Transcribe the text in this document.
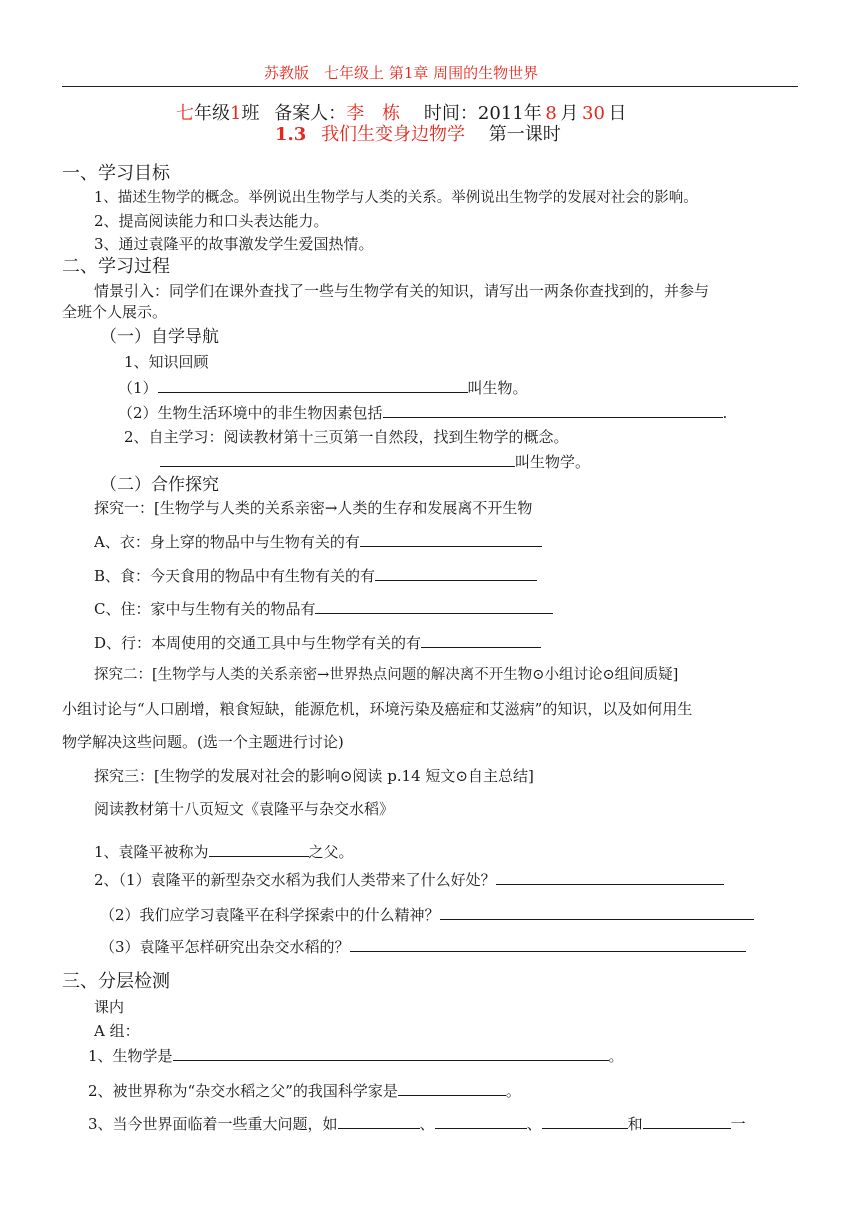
苏教版  七年级上 第1章 周围的生物世界
七年级1班  备案人：李　栋  时间：2011年  8  月  30  日
1.3  我们生变身边物学  第一课时
一、学习目标
1、描述生物学的概念。举例说出生物学与人类的关系。举例说出生物学的发展对社会的影响。
2、提高阅读能力和口头表达能力。
3、通过袁隆平的故事激发学生爱国热情。
二、学习过程
情景引入：同学们在课外查找了一些与生物学有关的知识，请写出一两条你查找到的，并参与
全班个人展示。
（一）自学导航
1、知识回顾
（1）	叫生物。
（2）生物生活环境中的非生物因素包括	.
2、自主学习：阅读教材第十三页第一自然段，找到生物学的概念。
叫生物学。
（二）合作探究
探究一：[生物学与人类的关系亲密→人类的生存和发展离不开生物
A、衣：身上穿的物品中与生物有关的有
B、食：今天食用的物品中有生物有关的有
C、住：家中与生物有关的物品有
D、行：本周使用的交通工具中与生物学有关的有
探究二：[生物学与人类的关系亲密→世界热点问题的解决离不开生物⊙小组讨论⊙组间质疑]
小组讨论与“人口剧增，粮食短缺，能源危机，环境污染及癌症和艾滋病”的知识，以及如何用生
物学解决这些问题。(选一个主题进行讨论)
探究三：[生物学的发展对社会的影响⊙阅读 p.14 短文⊙自主总结]
阅读教材第十八页短文《袁隆平与杂交水稻》
1、袁隆平被称为	之父。
2、（1）袁隆平的新型杂交水稻为我们人类带来了什么好处？
（2）我们应学习袁隆平在科学探索中的什么精神？
（3）袁隆平怎样研究出杂交水稻的？
三、分层检测
课内
A 组：
1、生物学是	。
2、被世界称为“杂交水稻之父”的我国科学家是	。
3、当今世界面临着一些重大问题，如	、	、	和	一
